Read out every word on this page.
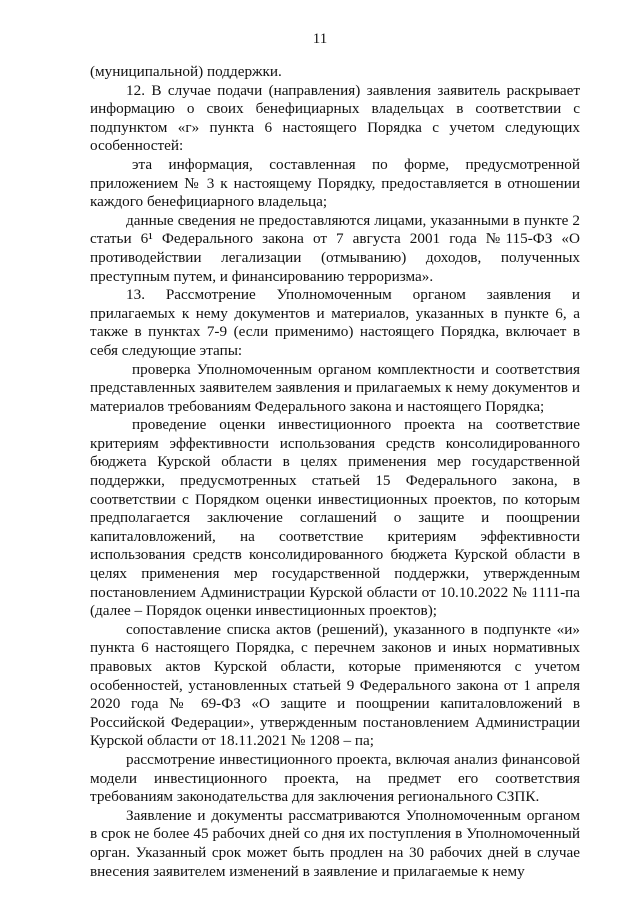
11

(муниципальной) поддержки.

12. В случае подачи (направления) заявления заявитель раскрывает информацию о своих бенефициарных владельцах в соответствии с подпунктом «г» пункта 6 настоящего Порядка с учетом следующих особенностей:

эта информация, составленная по форме, предусмотренной приложением № 3 к настоящему Порядку, предоставляется в отношении каждого бенефициарного владельца;

данные сведения не предоставляются лицами, указанными в пункте 2 статьи 6¹ Федерального закона от 7 августа 2001 года №115-ФЗ «О противодействии легализации (отмыванию) доходов, полученных преступным путем, и финансированию терроризма».

13. Рассмотрение Уполномоченным органом заявления и прилагаемых к нему документов и материалов, указанных в пункте 6, а также в пунктах 7-9 (если применимо) настоящего Порядка, включает в себя следующие этапы:

проверка Уполномоченным органом комплектности и соответствия представленных заявителем заявления и прилагаемых к нему документов и материалов требованиям Федерального закона и настоящего Порядка;

проведение оценки инвестиционного проекта на соответствие критериям эффективности использования средств консолидированного бюджета Курской области в целях применения мер государственной поддержки, предусмотренных статьей 15 Федерального закона, в соответствии с Порядком оценки инвестиционных проектов, по которым предполагается заключение соглашений о защите и поощрении капиталовложений, на соответствие критериям эффективности использования средств консолидированного бюджета Курской области в целях применения мер государственной поддержки, утвержденным постановлением Администрации Курской области от 10.10.2022 № 1111-па (далее – Порядок оценки инвестиционных проектов);

сопоставление списка актов (решений), указанного в подпункте «и» пункта 6 настоящего Порядка, с перечнем законов и иных нормативных правовых актов Курской области, которые применяются с учетом особенностей, установленных статьей 9 Федерального закона от 1 апреля 2020 года № 69-ФЗ «О защите и поощрении капиталовложений в Российской Федерации», утвержденным постановлением Администрации Курской области от 18.11.2021 № 1208 – па;

рассмотрение инвестиционного проекта, включая анализ финансовой модели инвестиционного проекта, на предмет его соответствия требованиям законодательства для заключения регионального СЗПК.

Заявление и документы рассматриваются Уполномоченным органом в срок не более 45 рабочих дней со дня их поступления в Уполномоченный орган. Указанный срок может быть продлен на 30 рабочих дней в случае внесения заявителем изменений в заявление и прилагаемые к нему
